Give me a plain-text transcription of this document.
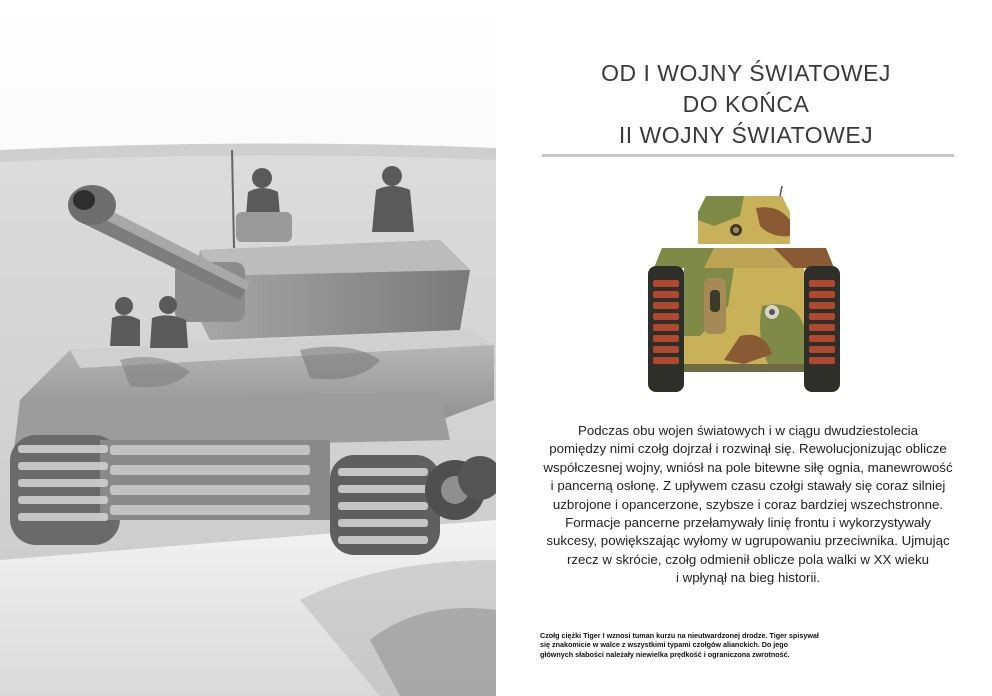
OD I WOJNY ŚWIATOWEJ
DO KOŃCA
II WOJNY ŚWIATOWEJ
Podczas obu wojen światowych i w ciągu dwudziestolecia
pomiędzy nimi czołg dojrzał i rozwinął się. Rewolucjonizując oblicze
współczesnej wojny, wniósł na pole bitewne siłę ognia, manewrowość
i pancerną osłonę. Z upływem czasu czołgi stawały się coraz silniej
uzbrojone i opancerzone, szybsze i coraz bardziej wszechstronne.
Formacje pancerne przełamywały linię frontu i wykorzystywały
sukcesy, powiększając wyłomy w ugrupowaniu przeciwnika. Ujmując
rzecz w skrócie, czołg odmienił oblicze pola walki w XX wieku
i wpłynął na bieg historii.
Czołg ciężki Tiger I wznosi tuman kurzu na nieutwardzonej drodze. Tiger spisywał
się znakomicie w walce z wszystkimi typami czołgów alianckich. Do jego
głównych słabości należały niewielka prędkość i ograniczona zwrotność.
